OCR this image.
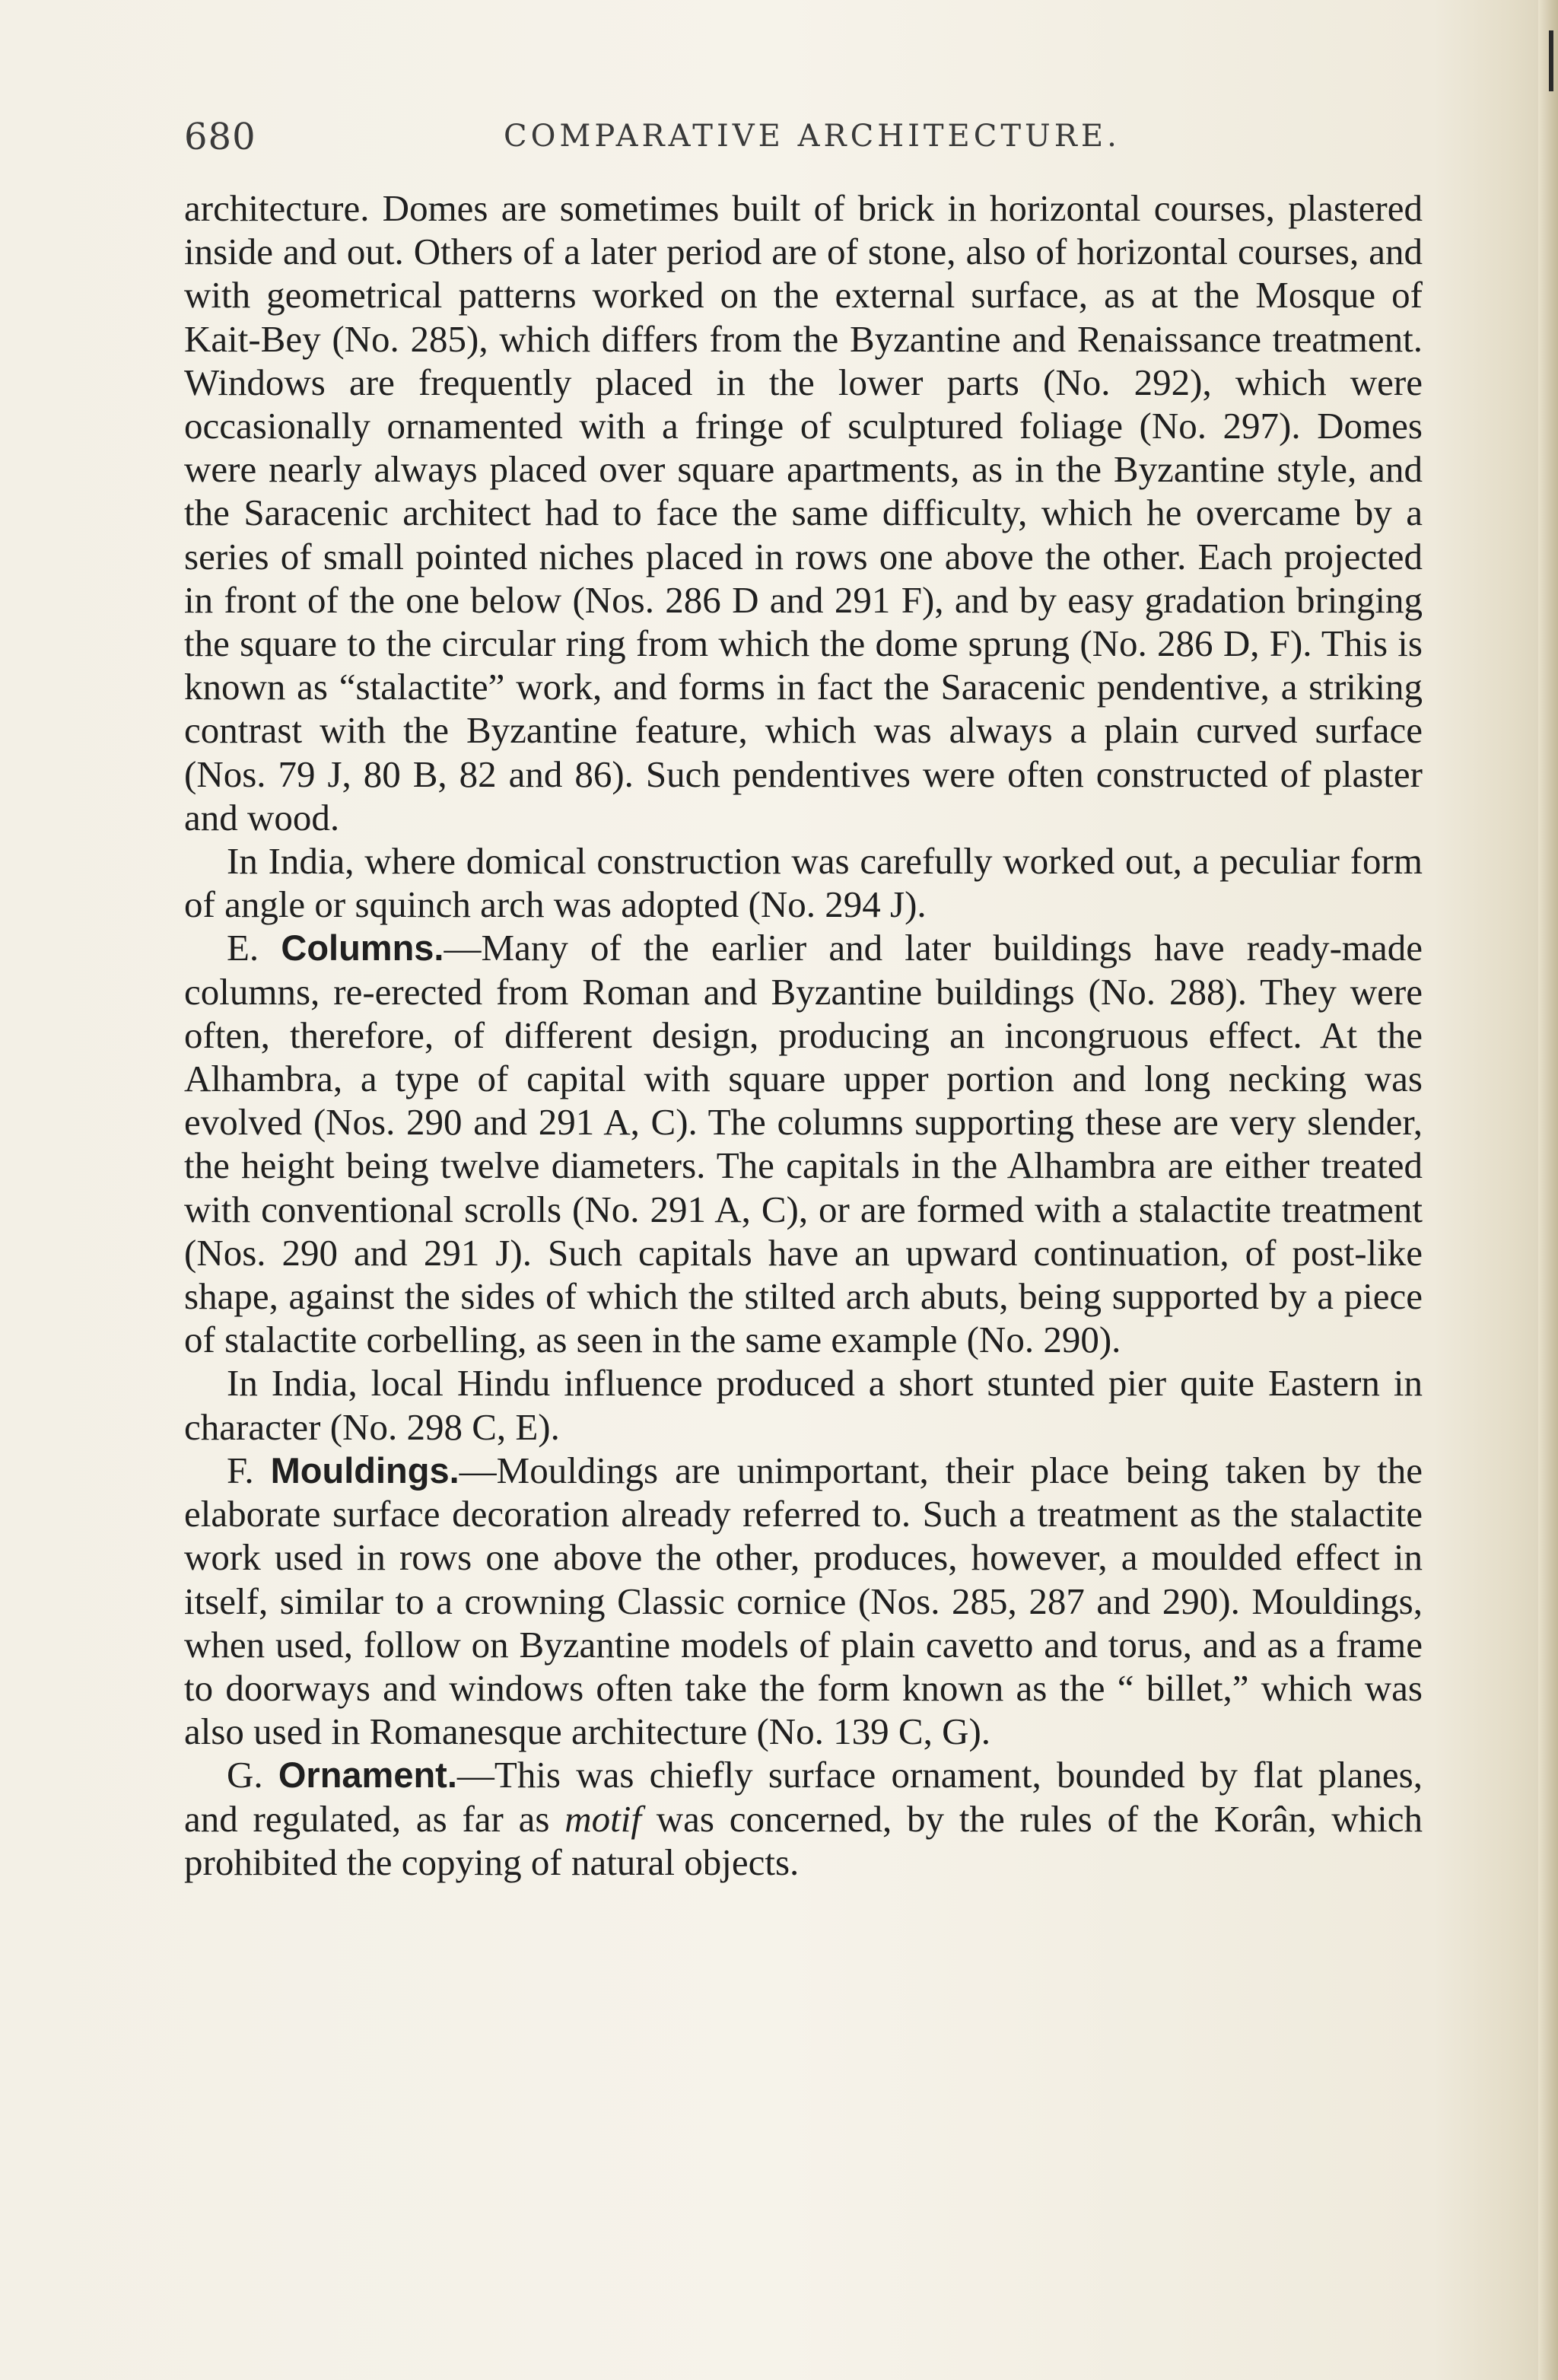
680	COMPARATIVE ARCHITECTURE.

architecture. Domes are sometimes built of brick in horizontal courses, plastered inside and out. Others of a later period are of stone, also of horizontal courses, and with geometrical patterns worked on the external surface, as at the Mosque of Kait-Bey (No. 285), which differs from the Byzantine and Renaissance treatment. Windows are frequently placed in the lower parts (No. 292), which were occasionally ornamented with a fringe of sculptured foliage (No. 297). Domes were nearly always placed over square apartments, as in the Byzantine style, and the Saracenic architect had to face the same difficulty, which he overcame by a series of small pointed niches placed in rows one above the other. Each projected in front of the one below (Nos. 286 D and 291 F), and by easy gradation bringing the square to the circular ring from which the dome sprung (No. 286 D, F). This is known as “stalactite” work, and forms in fact the Saracenic pendentive, a striking contrast with the Byzantine feature, which was always a plain curved surface (Nos. 79 J, 80 B, 82 and 86). Such pendentives were often constructed of plaster and wood.

In India, where domical construction was carefully worked out, a peculiar form of angle or squinch arch was adopted (No. 294 J).

E. Columns.—Many of the earlier and later buildings have ready-made columns, re-erected from Roman and Byzantine buildings (No. 288). They were often, therefore, of different design, producing an incongruous effect. At the Alhambra, a type of capital with square upper portion and long necking was evolved (Nos. 290 and 291 A, C). The columns supporting these are very slender, the height being twelve diameters. The capitals in the Alhambra are either treated with conventional scrolls (No. 291 A, C), or are formed with a stalactite treatment (Nos. 290 and 291 J). Such capitals have an upward continuation, of post-like shape, against the sides of which the stilted arch abuts, being supported by a piece of stalactite corbelling, as seen in the same example (No. 290).

In India, local Hindu influence produced a short stunted pier quite Eastern in character (No. 298 C, E).

F. Mouldings.—Mouldings are unimportant, their place being taken by the elaborate surface decoration already referred to. Such a treatment as the stalactite work used in rows one above the other, produces, however, a moulded effect in itself, similar to a crowning Classic cornice (Nos. 285, 287 and 290). Mouldings, when used, follow on Byzantine models of plain cavetto and torus, and as a frame to doorways and windows often take the form known as the “ billet,” which was also used in Romanesque architecture (No. 139 C, G).

G. Ornament.—This was chiefly surface ornament, bounded by flat planes, and regulated, as far as motif was concerned, by the rules of the Korân, which prohibited the copying of natural objects.
